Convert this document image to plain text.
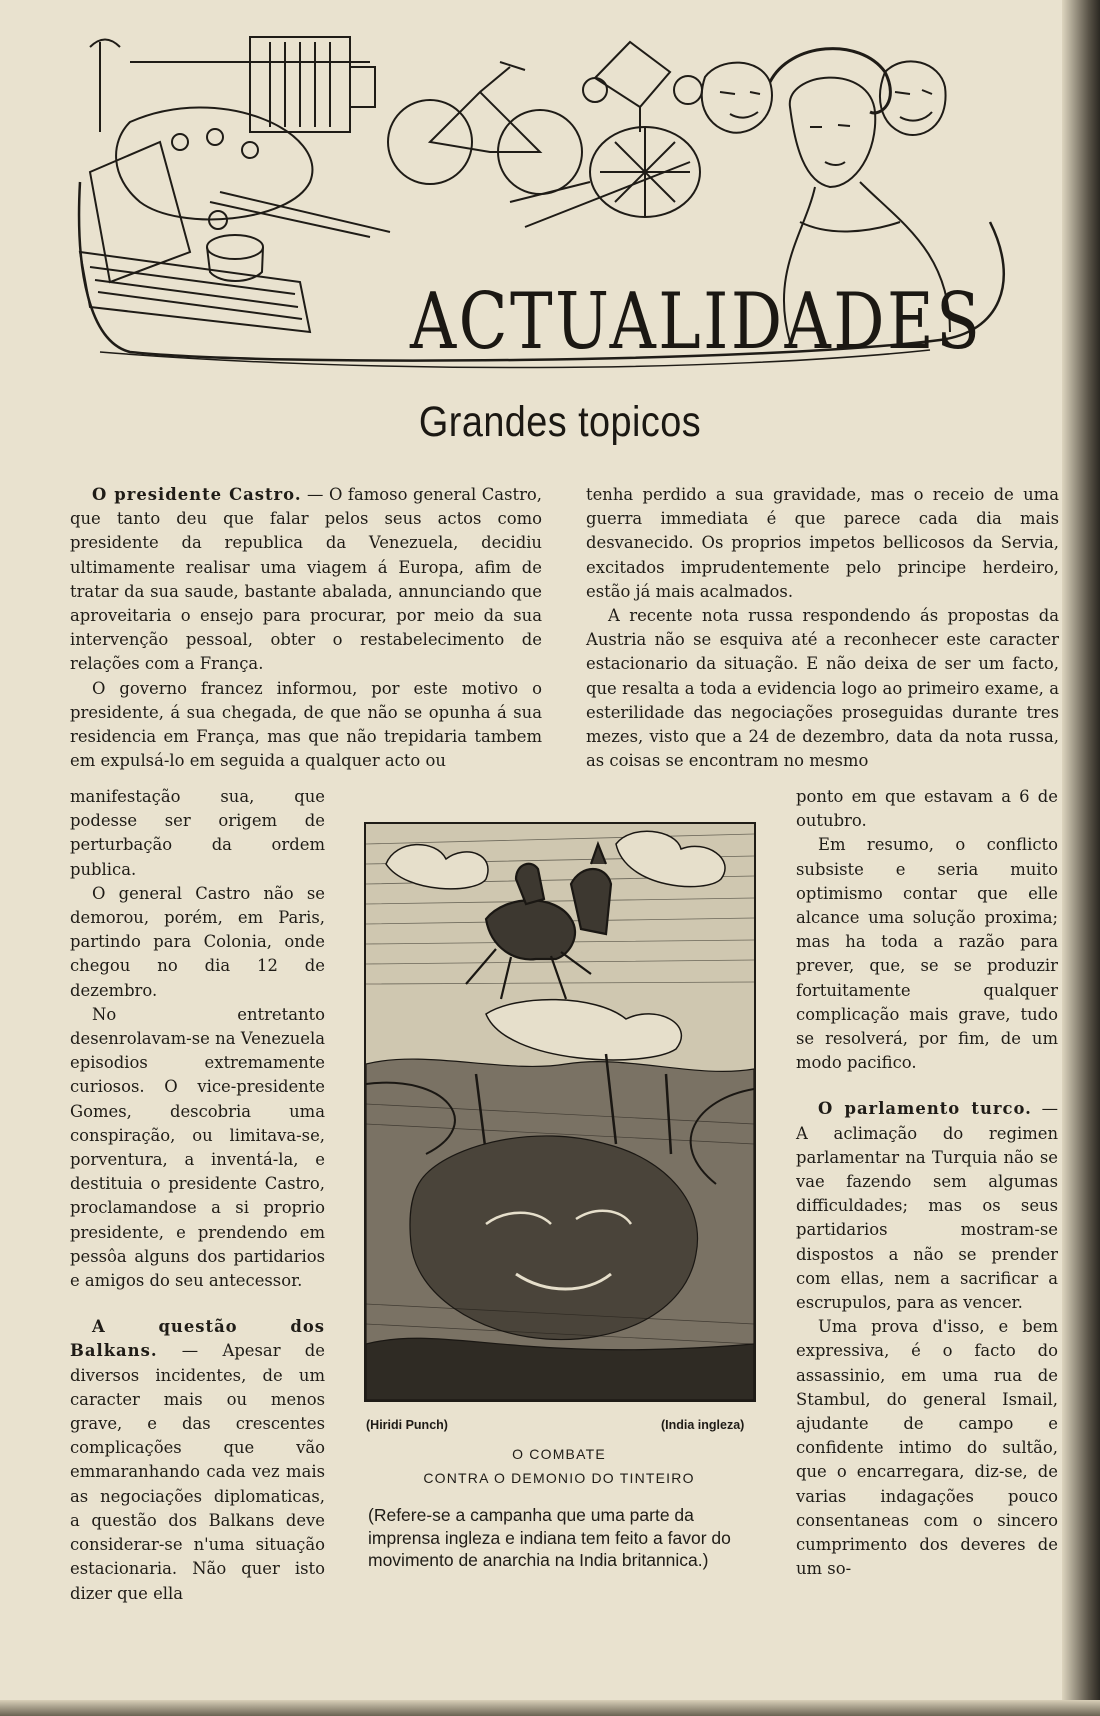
ACTUALIDADES
Grandes topicos

O presidente Castro. — O famoso general Castro, que tanto deu que falar pelos seus actos como presidente da republica da Venezuela, decidiu ultimamente realisar uma viagem á Europa, afim de tratar da sua saude, bastante abalada, annunciando que aproveitaria o ensejo para procurar, por meio da sua intervenção pessoal, obter o restabelecimento de relações com a França.

O governo francez informou, por este motivo o presidente, á sua chegada, de que não se opunha á sua residencia em França, mas que não trepidaria tambem em expulsá-lo em seguida a qualquer acto ou

manifestação sua, que podesse ser origem de perturbação da ordem publica.

O general Castro não se demorou, porém, em Paris, partindo para Colonia, onde chegou no dia 12 de dezembro.

No entretanto desenrolavam-se na Venezuela episodios extremamente curiosos. O vice-presidente Gomes, descobria uma conspiração, ou limitava-se, porventura, a inventá-la, e destituia o presidente Castro, proclamandose a si proprio presidente, e prendendo em pessôa alguns dos partidarios e amigos do seu antecessor.

A questão dos Balkans. — Apesar de diversos incidentes, de um caracter mais ou menos grave, e das crescentes complicações que vão emmaranhando cada vez mais as negociações diplomaticas, a questão dos Balkans deve considerar-se n'uma situação estacionaria. Não quer isto dizer que ella

tenha perdido a sua gravidade, mas o receio de uma guerra immediata é que parece cada dia mais desvanecido. Os proprios impetos bellicosos da Servia, excitados imprudentemente pelo principe herdeiro, estão já mais acalmados.

A recente nota russa respondendo ás propostas da Austria não se esquiva até a reconhecer este caracter estacionario da situação. E não deixa de ser um facto, que resalta a toda a evidencia logo ao primeiro exame, a esterilidade das negociações proseguidas durante tres mezes, visto que a 24 de dezembro, data da nota russa, as coisas se encontram no mesmo

ponto em que estavam a 6 de outubro.

Em resumo, o conflicto subsiste e seria muito optimismo contar que elle alcance uma solução proxima; mas ha toda a razão para prever, que, se se produzir fortuitamente qualquer complicação mais grave, tudo se resolverá, por fim, de um modo pacifico.

O parlamento turco. — A aclimação do regimen parlamentar na Turquia não se vae fazendo sem algumas difficuldades; mas os seus partidarios mostram-se dispostos a não se prender com ellas, nem a sacrificar a escrupulos, para as vencer.

Uma prova d'isso, e bem expressiva, é o facto do assassinio, em uma rua de Stambul, do general Ismail, ajudante de campo e confidente intimo do sultão, que o encarregara, diz-se, de varias indagações pouco consentaneas com o sincero cumprimento dos deveres de um so-

(Hiridi Punch)	(India ingleza)
O COMBATE
CONTRA O DEMONIO DO TINTEIRO
(Refere-se a campanha que uma parte da imprensa ingleza e indiana tem feito a favor do movimento de anarchia na India britannica.)
